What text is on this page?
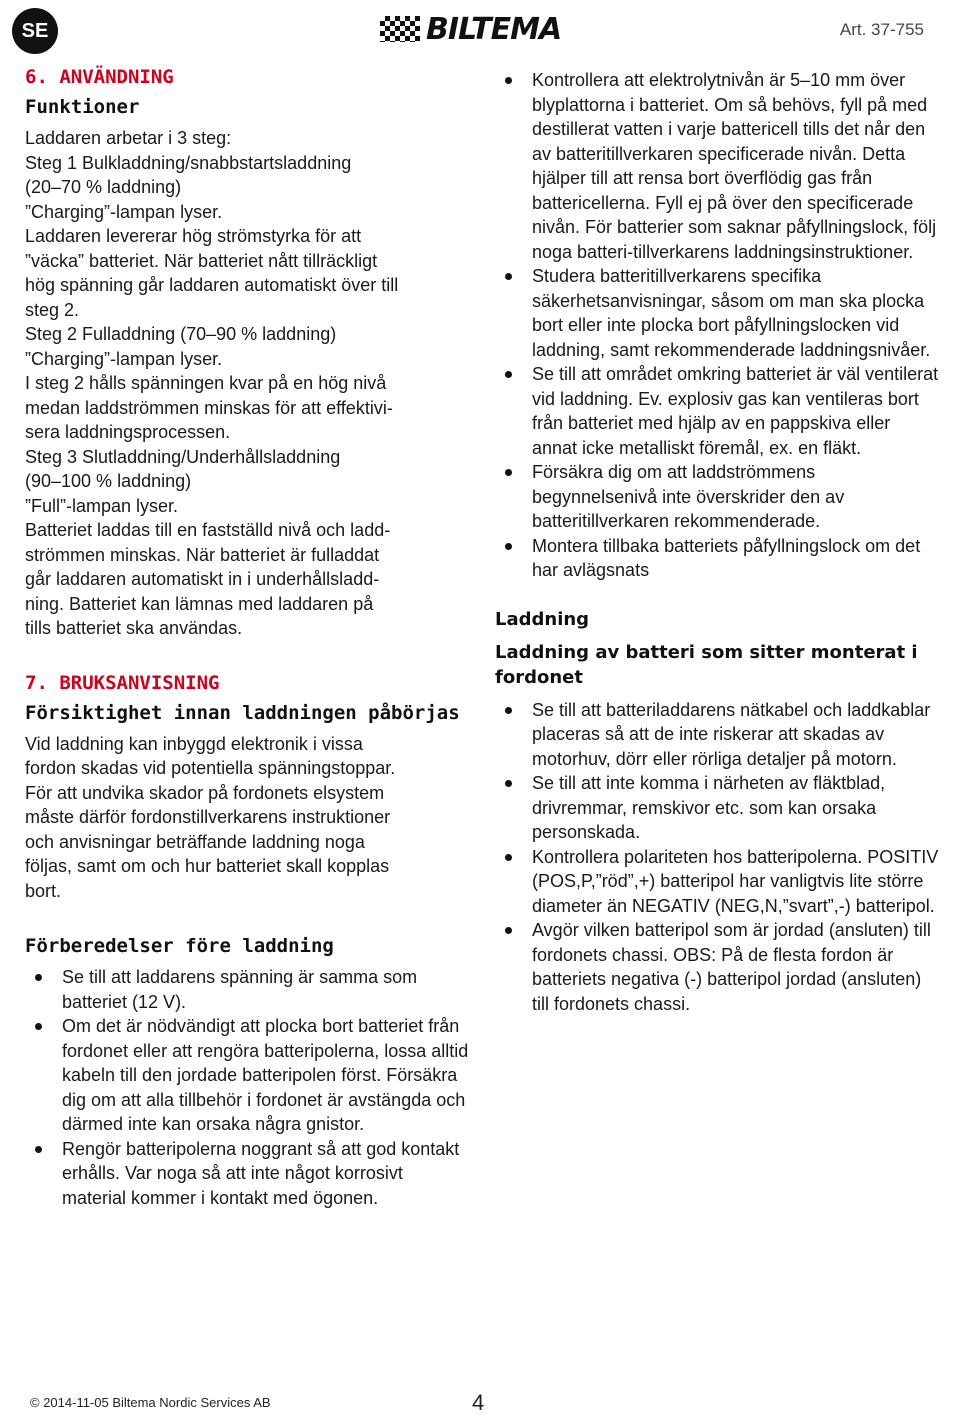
SE	BILTEMA	Art. 37-755

6. ANVÄNDNING

Funktioner

Laddaren arbetar i 3 steg:
Steg 1 Bulkladdning/snabbstartsladdning
(20–70 % laddning)
”Charging”-lampan lyser.
Laddaren levererar hög strömstyrka för att
”väcka” batteriet. När batteriet nått tillräckligt
hög spänning går laddaren automatiskt över till
steg 2.
Steg 2 Fulladdning (70–90 % laddning)
”Charging”-lampan lyser.
I steg 2 hålls spänningen kvar på en hög nivå
medan laddströmmen minskas för att effektivi-
sera laddningsprocessen.
Steg 3 Slutladdning/Underhållsladdning
(90–100 % laddning)
”Full”-lampan lyser.
Batteriet laddas till en fastställd nivå och ladd-
strömmen minskas. När batteriet är fulladdat
går laddaren automatiskt in i underhållsladd-
ning. Batteriet kan lämnas med laddaren på
tills batteriet ska användas.

7. BRUKSANVISNING

Försiktighet innan laddningen påbörjas

Vid laddning kan inbyggd elektronik i vissa
fordon skadas vid potentiella spänningstoppar.
För att undvika skador på fordonets elsystem
måste därför fordonstillverkarens instruktioner
och anvisningar beträffande laddning noga
följas, samt om och hur batteriet skall kopplas
bort.

Förberedelser före laddning

Se till att laddarens spänning är samma som batteriet (12 V).
Om det är nödvändigt att plocka bort batteriet från fordonet eller att rengöra batteripolerna, lossa alltid kabeln till den jordade batteripolen först. Försäkra dig om att alla tillbehör i fordonet är avstängda och därmed inte kan orsaka några gnistor.
Rengör batteripolerna noggrant så att god kontakt erhålls. Var noga så att inte något korrosivt material kommer i kontakt med ögonen.
Kontrollera att elektrolytnivån är 5–10 mm över blyplattorna i batteriet. Om så behövs, fyll på med destillerat vatten i varje battericell tills det når den av batteritillverkaren specificerade nivån. Detta hjälper till att rensa bort överflödig gas från battericellerna. Fyll ej på över den specificerade nivån. För batterier som saknar påfyllningslock, följ noga batteri-tillverkarens laddningsinstruktioner.
Studera batteritillverkarens specifika säkerhetsanvisningar, såsom om man ska plocka bort eller inte plocka bort påfyllningslocken vid laddning, samt rekommenderade laddningsnivåer.
Se till att området omkring batteriet är väl ventilerat vid laddning. Ev. explosiv gas kan ventileras bort från batteriet med hjälp av en pappskiva eller annat icke metalliskt föremål, ex. en fläkt.
Försäkra dig om att laddströmmens begynnelsenivå inte överskrider den av batteritillverkaren rekommenderade.
Montera tillbaka batteriets påfyllningslock om det har avlägsnats

Laddning

Laddning av batteri som sitter monterat i fordonet

Se till att batteriladdarens nätkabel och laddkablar placeras så att de inte riskerar att skadas av motorhuv, dörr eller rörliga detaljer på motorn.
Se till att inte komma i närheten av fläktblad, drivremmar, remskivor etc. som kan orsaka personskada.
Kontrollera polariteten hos batteripolerna. POSITIV (POS,P,”röd”,+) batteripol har vanligtvis lite större diameter än NEGATIV (NEG,N,”svart”,-) batteripol.
Avgör vilken batteripol som är jordad (ansluten) till fordonets chassi. OBS: På de flesta fordon är batteriets negativa (-) batteripol jordad (ansluten) till fordonets chassi.
© 2014-11-05 Biltema Nordic Services AB	4
